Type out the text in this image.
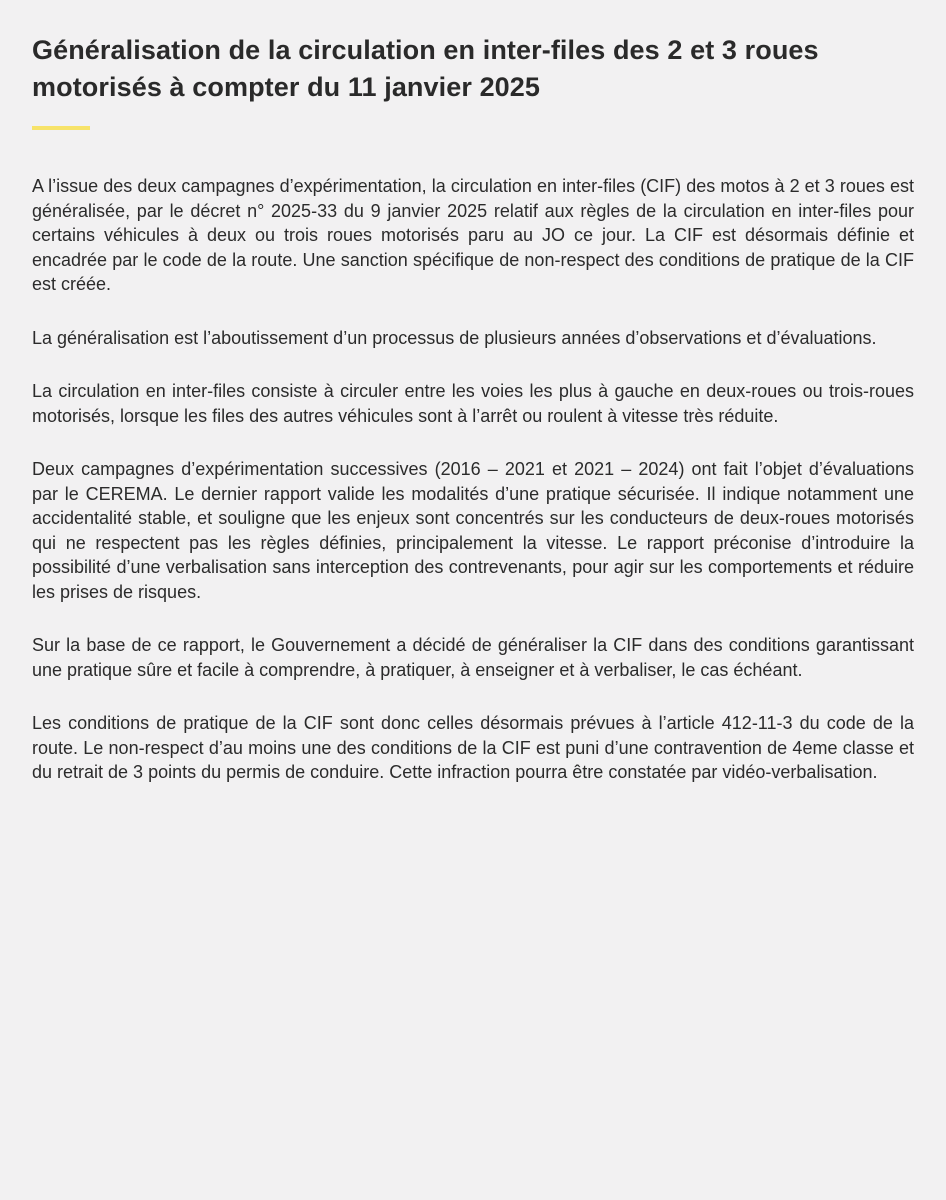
Généralisation de la circulation en inter-files des 2 et 3 roues motorisés à compter du 11 janvier 2025

A l’issue des deux campagnes d’expérimentation, la circulation en inter-files (CIF) des motos à 2 et 3 roues est généralisée, par le décret n° 2025-33 du 9 janvier 2025 relatif aux règles de la circulation en inter-files pour certains véhicules à deux ou trois roues motorisés paru au JO ce jour. La CIF est désormais définie et encadrée par le code de la route. Une sanction spécifique de non-respect des conditions de pratique de la CIF est créée.

La généralisation est l’aboutissement d’un processus de plusieurs années d’observations et d’évaluations.

La circulation en inter-files consiste à circuler entre les voies les plus à gauche en deux-roues ou trois-roues motorisés, lorsque les files des autres véhicules sont à l’arrêt ou roulent à vitesse très réduite.

Deux campagnes d’expérimentation successives (2016 – 2021 et 2021 – 2024) ont fait l’objet d’évaluations par le CEREMA. Le dernier rapport valide les modalités d’une pratique sécurisée. Il indique notamment une accidentalité stable, et souligne que les enjeux sont concentrés sur les conducteurs de deux-roues motorisés qui ne respectent pas les règles définies, principalement la vitesse. Le rapport préconise d’introduire la possibilité d’une verbalisation sans interception des contrevenants, pour agir sur les comportements et réduire les prises de risques.

Sur la base de ce rapport, le Gouvernement a décidé de généraliser la CIF dans des conditions garantissant une pratique sûre et facile à comprendre, à pratiquer, à enseigner et à verbaliser, le cas échéant.

Les conditions de pratique de la CIF sont donc celles désormais prévues à l’article 412-11-3 du code de la route. Le non-respect d’au moins une des conditions de la CIF est puni d’une contravention de 4eme classe et du retrait de 3 points du permis de conduire. Cette infraction pourra être constatée par vidéo-verbalisation.
